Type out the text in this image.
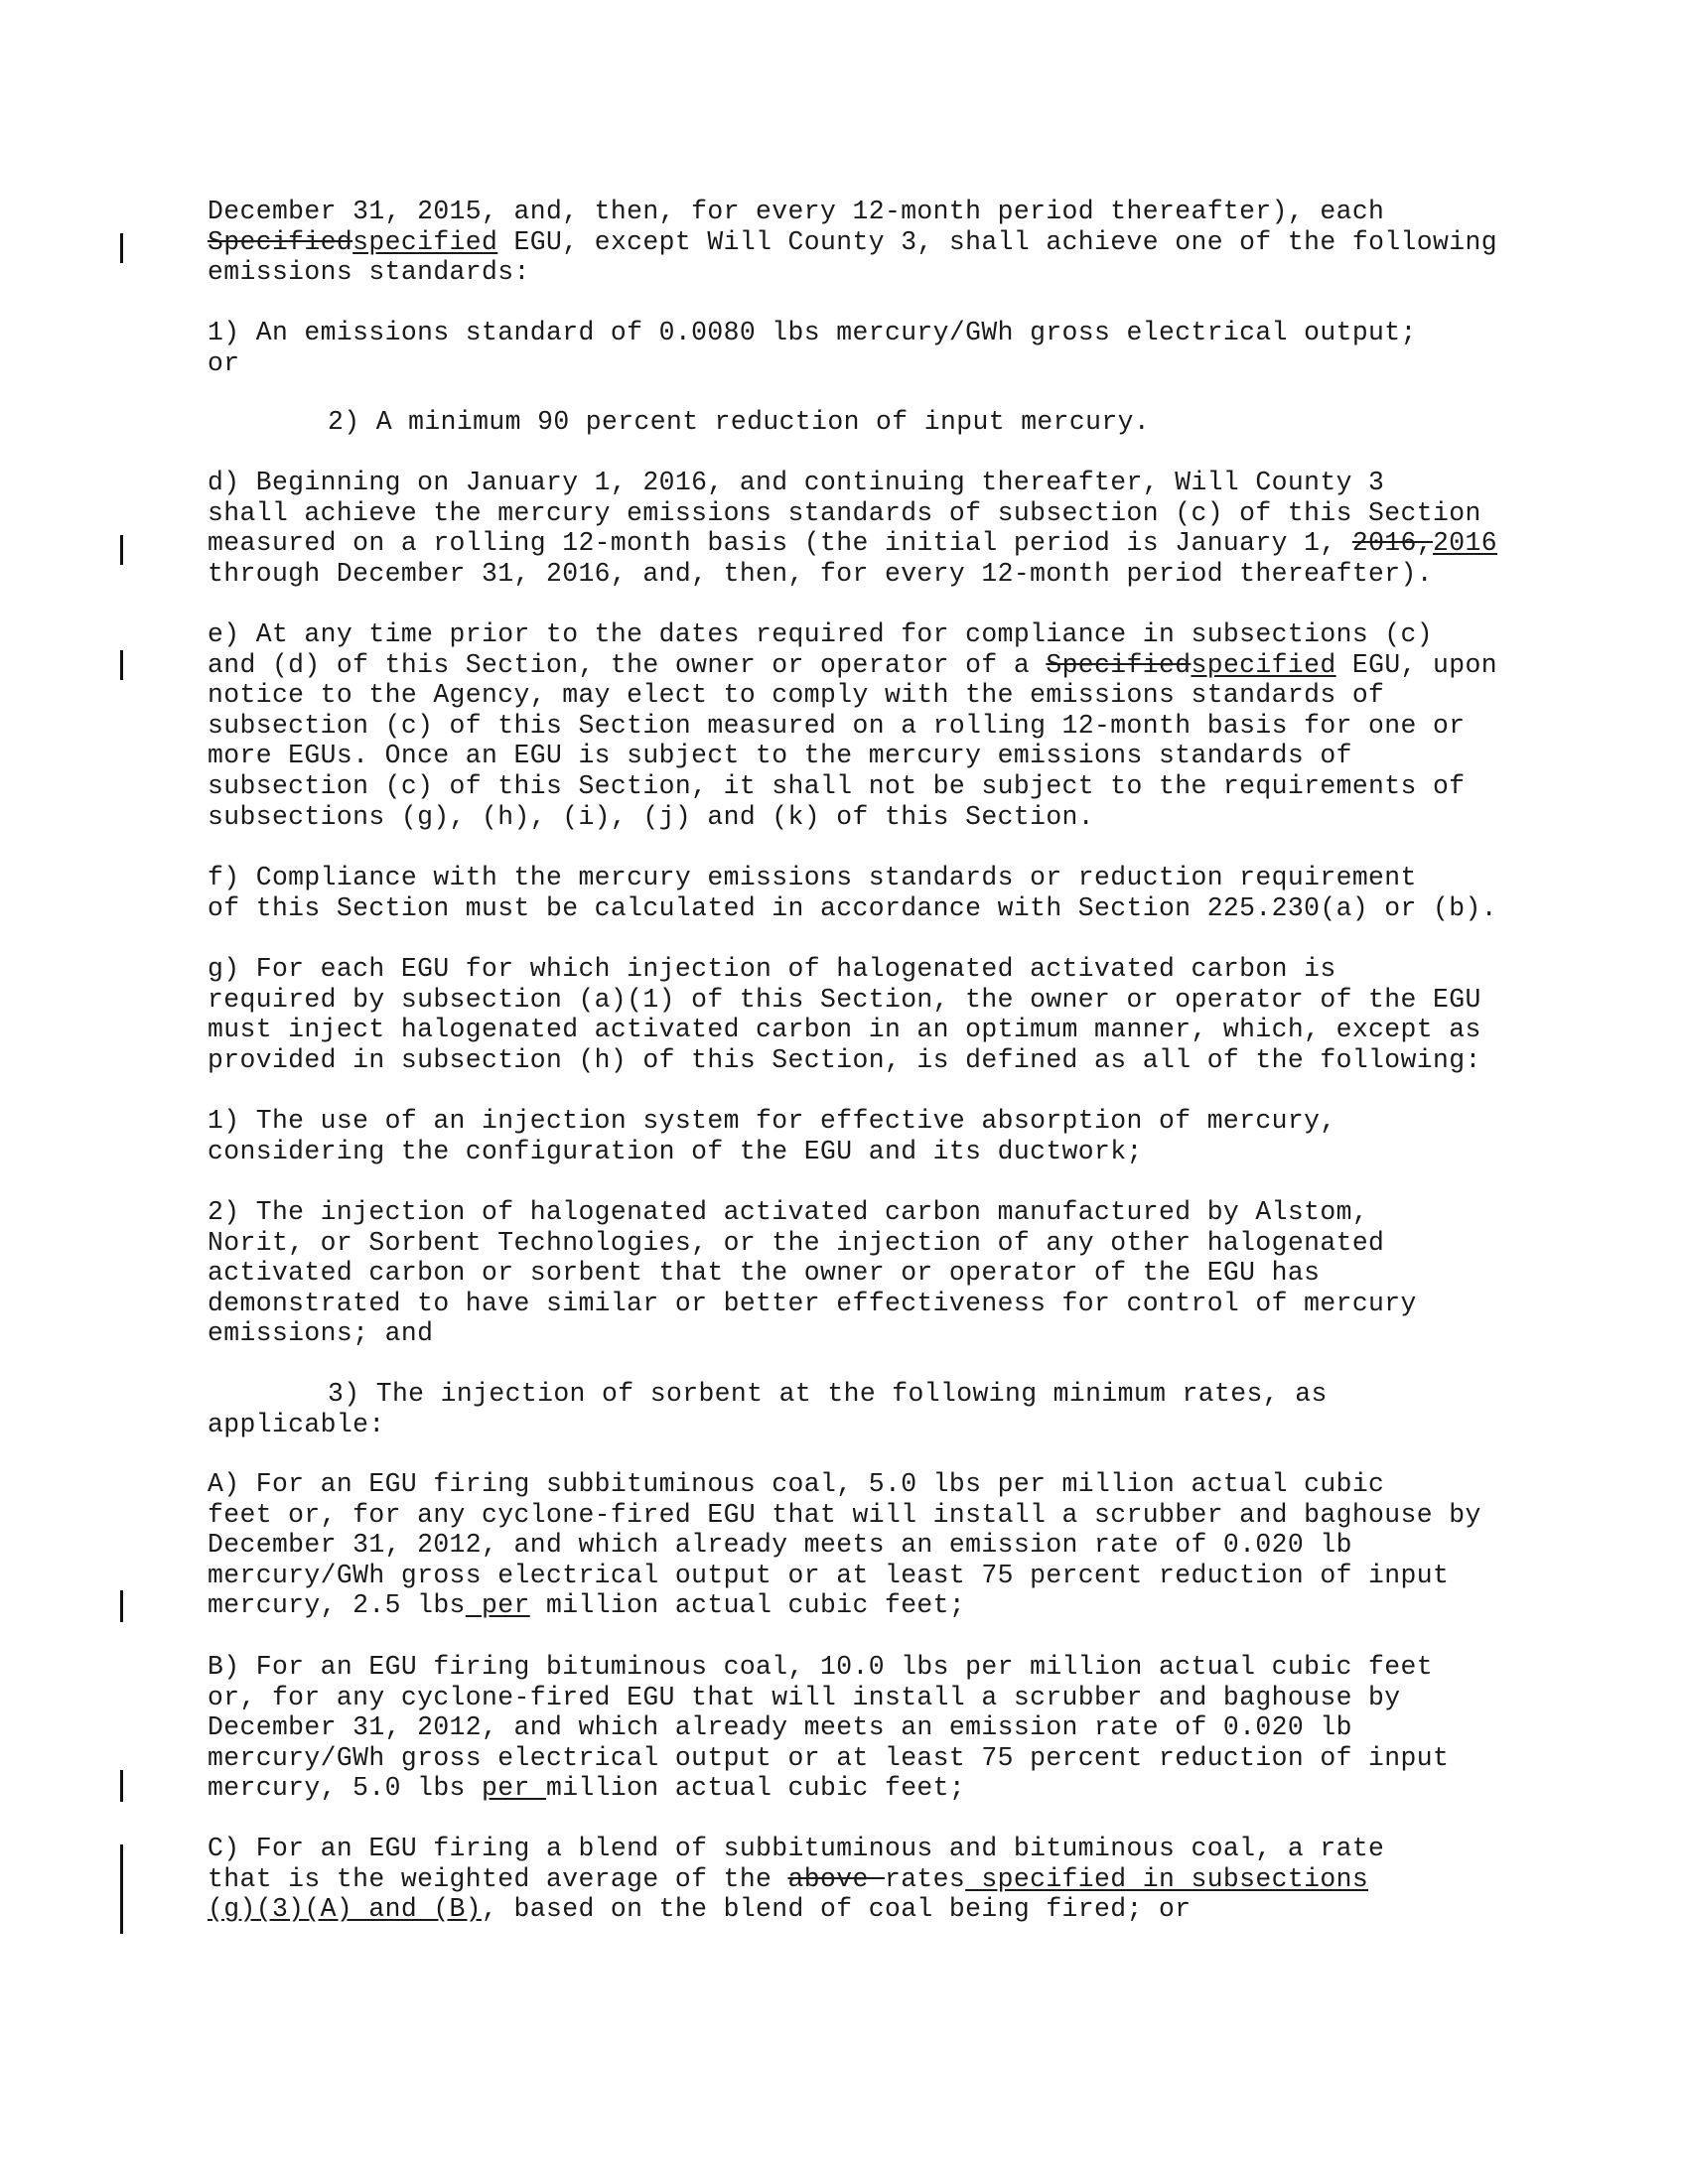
December 31, 2015, and, then, for every 12-month period thereafter), each
Specifiedspecified EGU, except Will County 3, shall achieve one of the following
emissions standards:

1) An emissions standard of 0.0080 lbs mercury/GWh gross electrical output;
or

2) A minimum 90 percent reduction of input mercury.

d) Beginning on January 1, 2016, and continuing thereafter, Will County 3
shall achieve the mercury emissions standards of subsection (c) of this Section
measured on a rolling 12-month basis (the initial period is January 1, 2016,2016
through December 31, 2016, and, then, for every 12-month period thereafter).

e) At any time prior to the dates required for compliance in subsections (c)
and (d) of this Section, the owner or operator of a Specifiedspecified EGU, upon
notice to the Agency, may elect to comply with the emissions standards of
subsection (c) of this Section measured on a rolling 12-month basis for one or
more EGUs. Once an EGU is subject to the mercury emissions standards of
subsection (c) of this Section, it shall not be subject to the requirements of
subsections (g), (h), (i), (j) and (k) of this Section.

f) Compliance with the mercury emissions standards or reduction requirement
of this Section must be calculated in accordance with Section 225.230(a) or (b).

g) For each EGU for which injection of halogenated activated carbon is
required by subsection (a)(1) of this Section, the owner or operator of the EGU
must inject halogenated activated carbon in an optimum manner, which, except as
provided in subsection (h) of this Section, is defined as all of the following:

1) The use of an injection system for effective absorption of mercury,
considering the configuration of the EGU and its ductwork;

2) The injection of halogenated activated carbon manufactured by Alstom,
Norit, or Sorbent Technologies, or the injection of any other halogenated
activated carbon or sorbent that the owner or operator of the EGU has
demonstrated to have similar or better effectiveness for control of mercury
emissions; and

3) The injection of sorbent at the following minimum rates, as

applicable:

A) For an EGU firing subbituminous coal, 5.0 lbs per million actual cubic
feet or, for any cyclone-fired EGU that will install a scrubber and baghouse by
December 31, 2012, and which already meets an emission rate of 0.020 lb
mercury/GWh gross electrical output or at least 75 percent reduction of input
mercury, 2.5 lbs per million actual cubic feet;

B) For an EGU firing bituminous coal, 10.0 lbs per million actual cubic feet
or, for any cyclone-fired EGU that will install a scrubber and baghouse by
December 31, 2012, and which already meets an emission rate of 0.020 lb
mercury/GWh gross electrical output or at least 75 percent reduction of input
mercury, 5.0 lbs per million actual cubic feet;

C) For an EGU firing a blend of subbituminous and bituminous coal, a rate
that is the weighted average of the above rates specified in subsections
(g)(3)(A) and (B), based on the blend of coal being fired; or
